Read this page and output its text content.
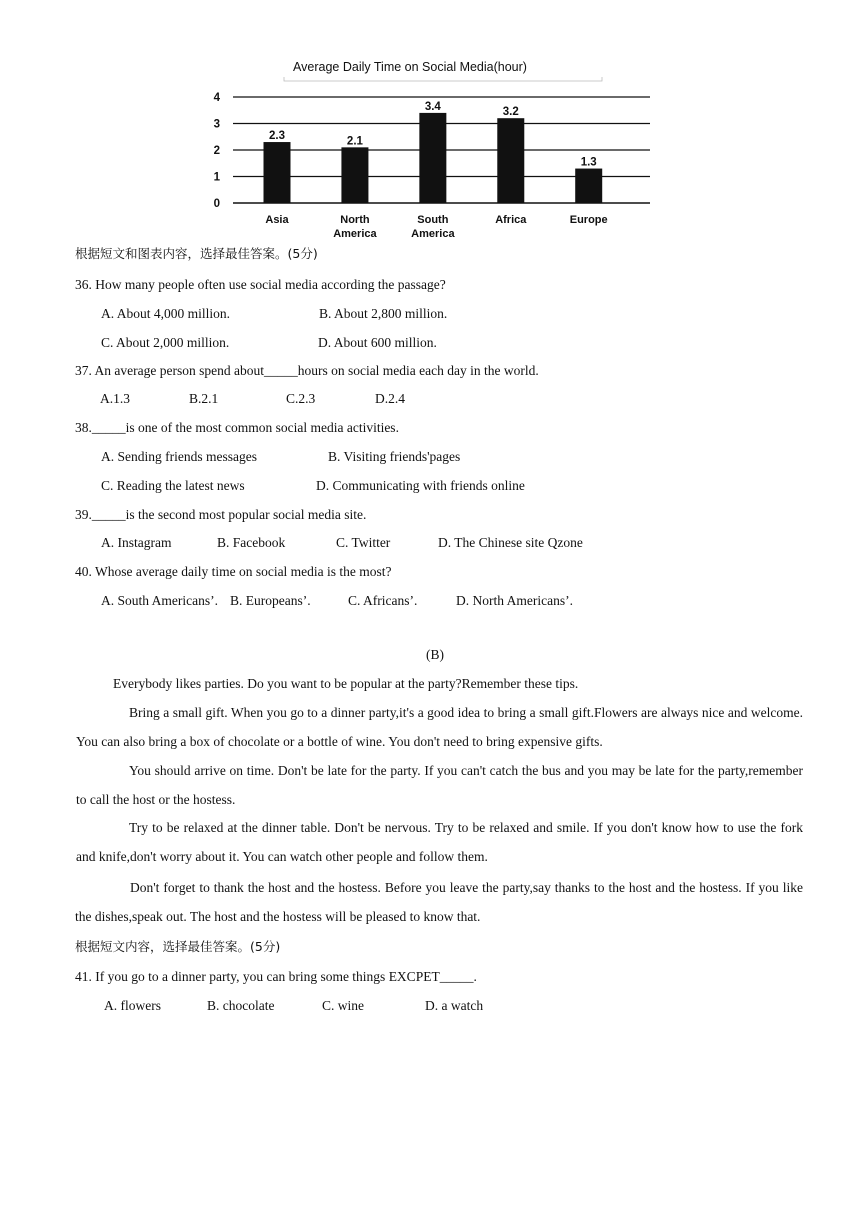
Average Daily Time on Social Media(hour)
0
1
2
3
4
2.3	2.1
3.4	3.2
1.3
Asia	North
America
South
America
Africa	Europe
根据短文和图表内容，选择最佳答案。(5分)
36. How many people often use social media according the passage?
A. About 4,000 million.	B. About 2,800 million.
C. About 2,000 million.	D. About 600 million.
37. An average person spend about_____hours on social media each day in the world.
A.1.3	B.2.1	C.2.3	D.2.4
38._____is one of the most common social media activities.
A. Sending friends messages	B. Visiting friends'pages
C. Reading the latest news	D. Communicating with friends online
39._____is the second most popular social media site.
A. Instagram	B. Facebook	C. Twitter	D. The Chinese site Qzone
40. Whose average daily time on social media is the most?
A. South Americans’. B. Europeans’.	C. Africans’.	D. North Americans’.
(B)
Everybody likes parties. Do you want to be popular at the party?Remember these tips.
Bring a small gift. When you go to a dinner party,it's a good idea to bring a small gift.Flowers are always nice and welcome. You can also bring a box of chocolate or a bottle of wine. You don't need to bring expensive gifts.
You should arrive on time. Don't be late for the party. If you can't catch the bus and you may be late for the party,remember to call the host or the hostess.
Try to be relaxed at the dinner table. Don't be nervous. Try to be relaxed and smile. If you don't know how to use the fork and knife,don't worry about it. You can watch other people and follow them.
Don't forget to thank the host and the hostess. Before you leave the party,say thanks to the host and the hostess. If you like the dishes,speak out. The host and the hostess will be pleased to know that.
根据短文内容，选择最佳答案。(5分)
41. If you go to a dinner party, you can bring some things EXCPET_____.
A. flowers	B. chocolate	C. wine	D. a watch
